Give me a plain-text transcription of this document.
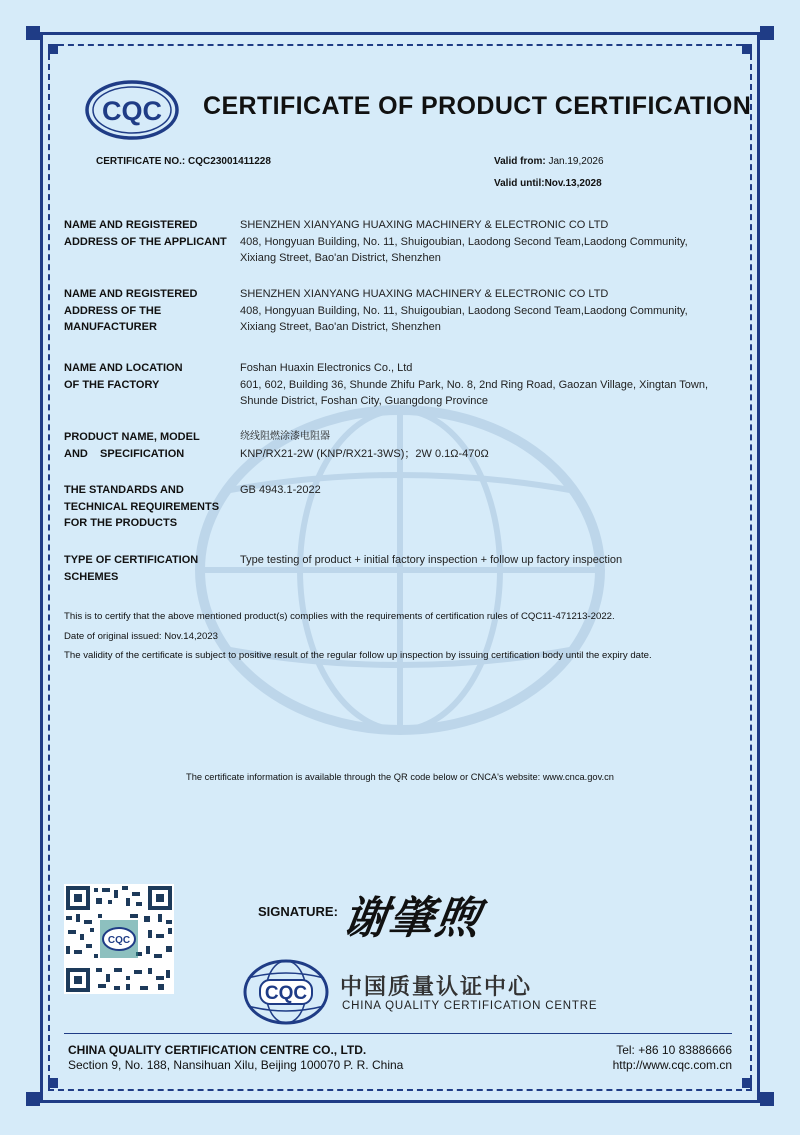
CQC CERTIFICATE OF PRODUCT CERTIFICATION
CERTIFICATE NO.: CQC23001411228	Valid from: Jan.19,2026
Valid until:Nov.13,2028
NAME AND REGISTERED
ADDRESS OF THE APPLICANT
SHENZHEN XIANYANG HUAXING MACHINERY & ELECTRONIC CO LTD
408, Hongyuan Building, No. 11, Shuigoubian, Laodong Second Team,Laodong Community,
Xixiang Street, Bao'an District, Shenzhen
NAME AND REGISTERED
ADDRESS OF THE
MANUFACTURER
SHENZHEN XIANYANG HUAXING MACHINERY & ELECTRONIC CO LTD
408, Hongyuan Building, No. 11, Shuigoubian, Laodong Second Team,Laodong Community,
Xixiang Street, Bao'an District, Shenzhen
NAME AND LOCATION
OF THE FACTORY
Foshan Huaxin Electronics Co., Ltd
601, 602, Building 36, Shunde Zhifu Park, No. 8, 2nd Ring Road, Gaozan Village, Xingtan Town,
Shunde District, Foshan City, Guangdong Province
PRODUCT NAME, MODEL
AND    SPECIFICATION
绕线阻燃涂漆电阻器
KNP/RX21-2W (KNP/RX21-3WS)；2W 0.1Ω-470Ω
THE STANDARDS AND
TECHNICAL REQUIREMENTS
FOR THE PRODUCTS
GB 4943.1-2022
TYPE OF CERTIFICATION
SCHEMES
Type testing of product + initial factory inspection + follow up factory inspection
This is to certify that the above mentioned product(s) complies with the requirements of certification rules of CQC11-471213-2022.
Date of original issued: Nov.14,2023
The validity of the certificate is subject to positive result of the regular follow up inspection by issuing certification body until the expiry date.
The certificate information is available through the QR code below or CNCA's website: www.cnca.gov.cn
CQC
SIGNATURE: 谢肇煦
CQC 中国质量认证中心
CHINA QUALITY CERTIFICATION CENTRE
CHINA QUALITY CERTIFICATION CENTRE CO., LTD.
Section 9, No. 188, Nansihuan Xilu, Beijing 100070 P. R. China
Tel: +86 10 83886666
http://www.cqc.com.cn
